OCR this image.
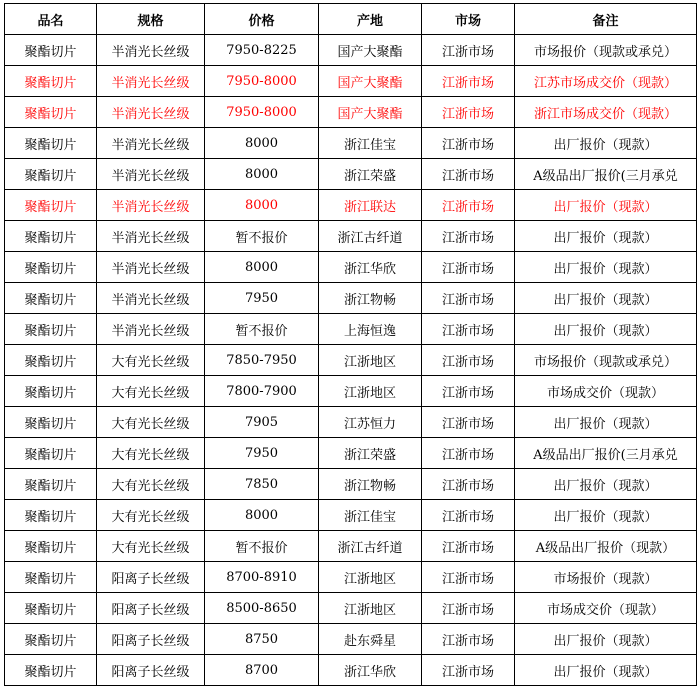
品名	规格	价格	产地	市场	备注
聚酯切片	半消光长丝级	7950-8225	国产大聚酯	江浙市场	市场报价（现款或承兑）
聚酯切片	半消光长丝级	7950-8000	国产大聚酯	江浙市场	江苏市场成交价（现款）
聚酯切片	半消光长丝级	7950-8000	国产大聚酯	江浙市场	浙江市场成交价（现款）
聚酯切片	半消光长丝级	8000	浙江佳宝	江浙市场	出厂报价（现款）
聚酯切片	半消光长丝级	8000	浙江荣盛	江浙市场	A级品出厂报价(三月承兑
聚酯切片	半消光长丝级	8000	浙江联达	江浙市场	出厂报价（现款）
聚酯切片	半消光长丝级	暂不报价	浙江古纤道	江浙市场	出厂报价（现款）
聚酯切片	半消光长丝级	8000	浙江华欣	江浙市场	出厂报价（现款）
聚酯切片	半消光长丝级	7950	浙江物畅	江浙市场	出厂报价（现款）
聚酯切片	半消光长丝级	暂不报价	上海恒逸	江浙市场	出厂报价（现款）
聚酯切片	大有光长丝级	7850-7950	江浙地区	江浙市场	市场报价（现款或承兑）
聚酯切片	大有光长丝级	7800-7900	江浙地区	江浙市场	市场成交价（现款）
聚酯切片	大有光长丝级	7905	江苏恒力	江浙市场	出厂报价（现款）
聚酯切片	大有光长丝级	7950	浙江荣盛	江浙市场	A级品出厂报价(三月承兑
聚酯切片	大有光长丝级	7850	浙江物畅	江浙市场	出厂报价（现款）
聚酯切片	大有光长丝级	8000	浙江佳宝	江浙市场	出厂报价（现款）
聚酯切片	大有光长丝级	暂不报价	浙江古纤道	江浙市场	A级品出厂报价（现款）
聚酯切片	阳离子长丝级	8700-8910	江浙地区	江浙市场	市场报价（现款）
聚酯切片	阳离子长丝级	8500-8650	江浙地区	江浙市场	市场成交价（现款）
聚酯切片	阳离子长丝级	8750	赴东舜星	江浙市场	出厂报价（现款）
聚酯切片	阳离子长丝级	8700	浙江华欣	江浙市场	出厂报价（现款）
